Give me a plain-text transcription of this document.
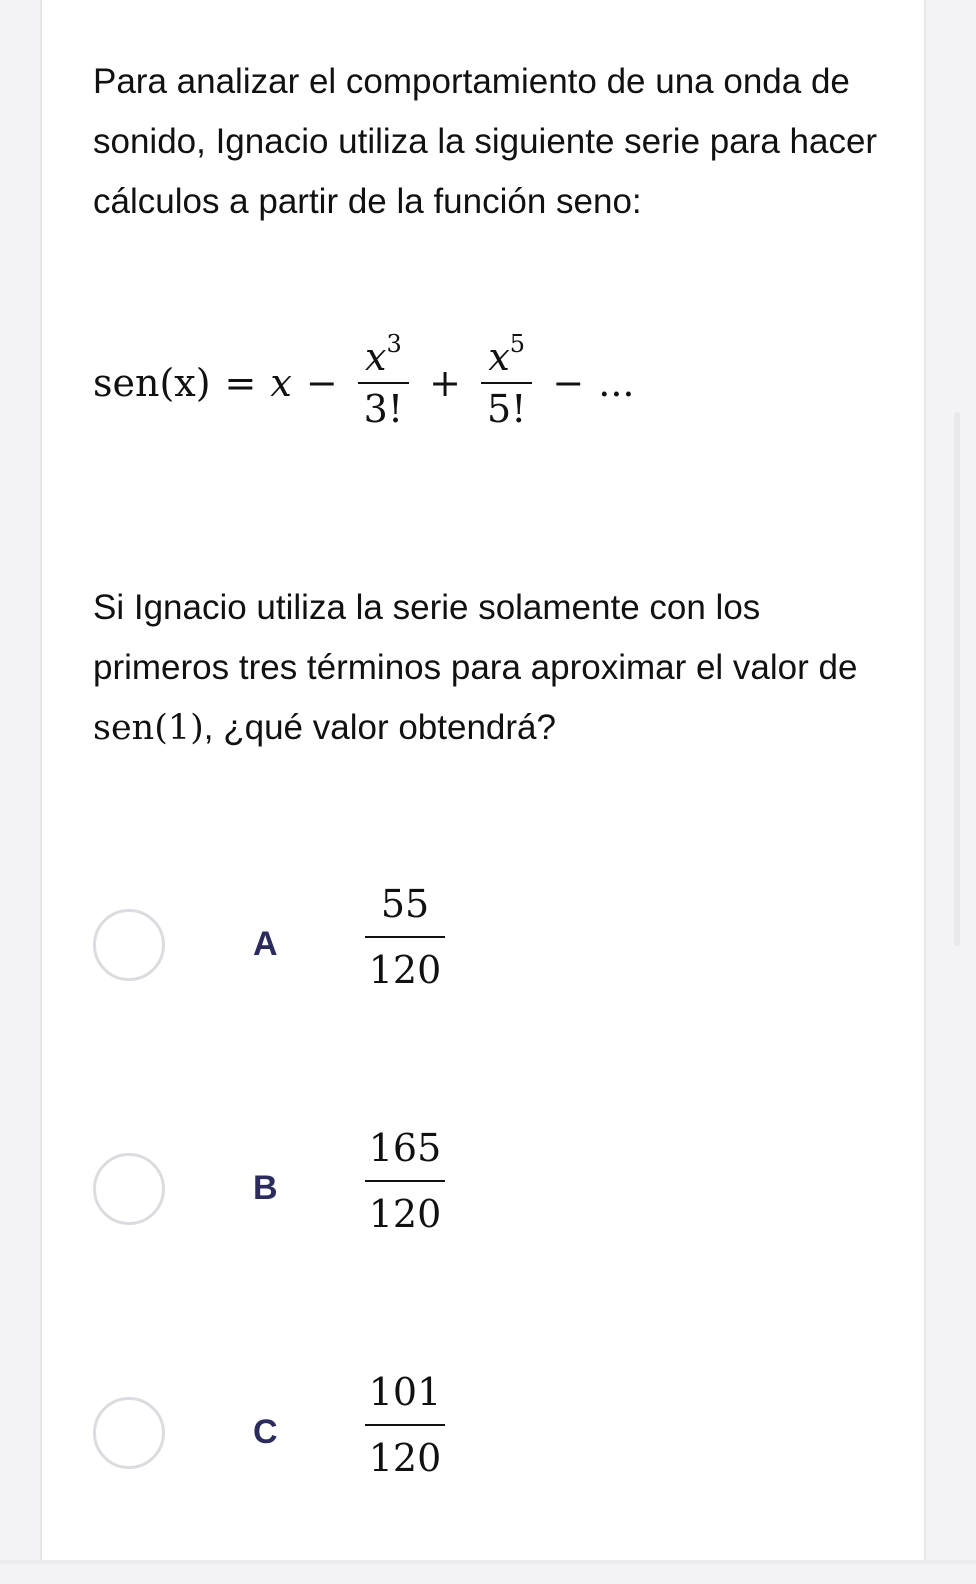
Para analizar el comportamiento de una onda de sonido, Ignacio utiliza la siguiente serie para hacer cálculos a partir de la función seno:

$sen(x) = x - \frac{x^3}{3!} + \frac{x^5}{5!}$ − ...

Si Ignacio utiliza la serie solamente con los primeros tres términos para aproximar el valor de sen(1), ¿qué valor obtendrá?

A	$\frac{55}{120}$
B	$\frac{165}{120}$
C	$\frac{101}{120}$
